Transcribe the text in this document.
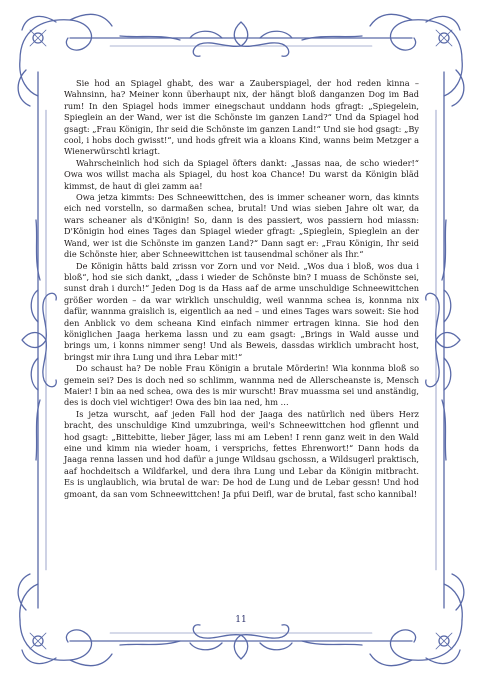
Sie hod an Spiagel ghabt, des war a Zauberspiagel, der hod reden kinna – Wahnsinn, ha? Meiner konn überhaupt nix, der hängt bloß danganzen Dog im Bad rum! In den Spiagel hods immer einegschaut unddann hods gfragt: „Spiegelein, Spieglein an der Wand, wer ist die Schönste im ganzen Land?“ Und da Spiagel hod gsagt: „Frau Königin, Ihr seid die Schönste im ganzen Land!“ Und sie hod gsagt: „By cool, i hobs doch gwisst!“, und hods gfreit wia a kloans Kind, wanns beim Metzger a Wienerwürschtl kriagt.

Wahrscheinlich hod sich da Spiagel öfters dankt: „Jassas naa, de scho wieder!“ Owa wos willst macha als Spiagel, du host koa Chance! Du warst da Königin bläd kimmst, de haut di glei zamm aa!

Owa jetza kimmts: Des Schneewittchen, des is immer scheaner worn, das kinnts eich ned vorstelln, so darmaßen schea, brutal! Und wias sieben Jahre olt war, da wars scheaner als d'Königin! So, dann is des passiert, wos passiern hod miassn: D'Königin hod eines Tages dan Spiagel wieder gfragt: „Spieglein, Spieglein an der Wand, wer ist die Schönste im ganzen Land?“ Dann sagt er: „Frau Königin, Ihr seid die Schönste hier, aber Schneewittchen ist tausendmal schöner als Ihr.“

De Königin hätts bald zrissn vor Zorn und vor Neid. „Wos dua i bloß, wos dua i bloß“, hod sie sich dankt, „dass i wieder de Schönste bin? I muass de Schönste sei, sunst drah i durch!“ Jeden Dog is da Hass aaf de arme unschuldige Schneewittchen größer worden – da war wirklich unschuldig, weil wannma schea is, konnma nix dafür, wannma graislich is, eigentlich aa ned – und eines Tages wars soweit: Sie hod den Anblick vo dem scheana Kind einfach nimmer ertragen kinna. Sie hod den königlichen Jaaga herkema lassn und zu eam gsagt: „Brings in Wald ausse und brings um, i konns nimmer seng! Und als Beweis, dassdas wirklich umbracht host, bringst mir ihra Lung und ihra Lebar mit!“

Do schaust ha? De noble Frau Königin a brutale Mörderin! Wia konnma bloß so gemein sei? Des is doch ned so schlimm, wannma ned de Allerscheanste is, Mensch Maier! I bin aa ned schea, owa des is mir wurscht! Brav muassma sei und anständig, des is doch viel wichtiger! Owa des bin iaa ned, hm …

Is jetza wurscht, aaf jeden Fall hod der Jaaga des natürlich ned übers Herz bracht, des unschuldige Kind umzubringa, weil's Schneewittchen hod gflennt und hod gsagt: „Bittebitte, lieber Jäger, lass mi am Leben! I renn ganz weit in den Wald eine und kimm nia wieder hoam, i versprichs, fettes Ehrenwort!“ Dann hods da Jaaga renna lassen und hod dafür a junge Wildsau gschossn, a Wildsugerl praktisch, aaf hochdeitsch a Wildfarkel, und dera ihra Lung und Lebar da Königin mitbracht. Es is unglaublich, wia brutal de war: De hod de Lung und de Lebar gessn! Und hod gmoant, da san vom Schneewittchen! Ja pfui Deifl, war de brutal, fast scho kannibal!

11
